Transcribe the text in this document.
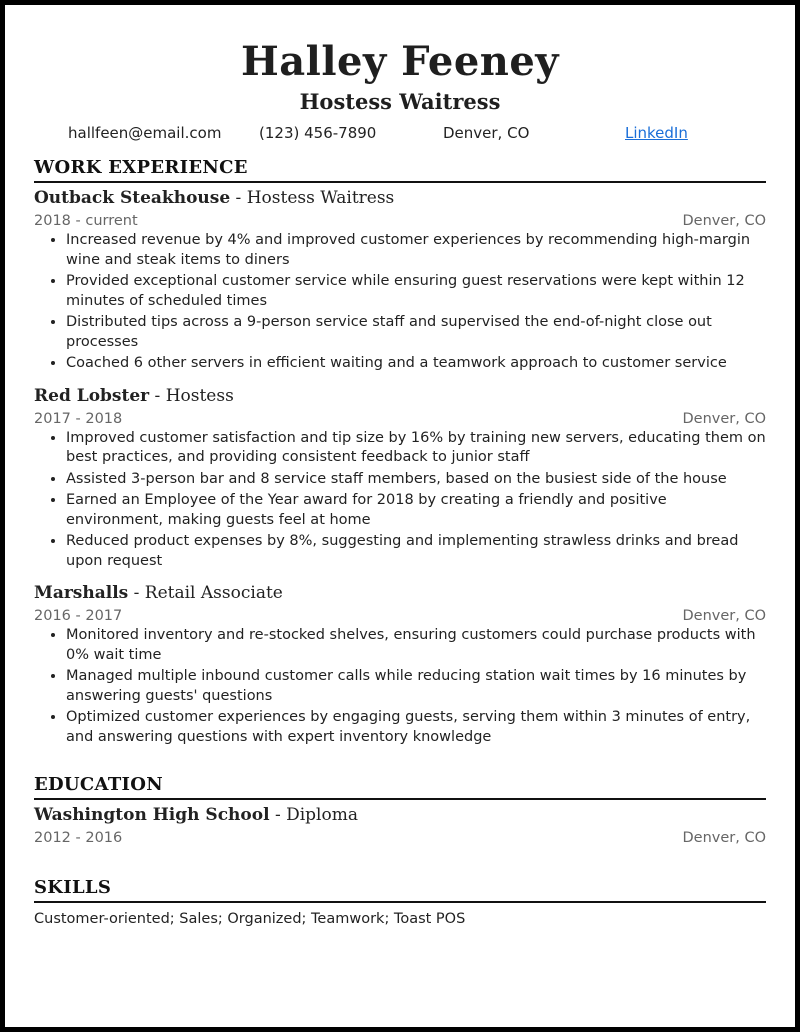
Halley Feeney
Hostess Waitress
hallfeen@email.com	(123) 456-7890	Denver, CO	LinkedIn
WORK EXPERIENCE
Outback Steakhouse - Hostess Waitress
2018 - current	Denver, CO
• Increased revenue by 4% and improved customer experiences by recommending high-margin wine and steak items to diners
• Provided exceptional customer service while ensuring guest reservations were kept within 12 minutes of scheduled times
• Distributed tips across a 9-person service staff and supervised the end-of-night close out processes
• Coached 6 other servers in efficient waiting and a teamwork approach to customer service
Red Lobster - Hostess
2017 - 2018	Denver, CO
• Improved customer satisfaction and tip size by 16% by training new servers, educating them on best practices, and providing consistent feedback to junior staff
• Assisted 3-person bar and 8 service staff members, based on the busiest side of the house
• Earned an Employee of the Year award for 2018 by creating a friendly and positive environment, making guests feel at home
• Reduced product expenses by 8%, suggesting and implementing strawless drinks and bread upon request
Marshalls - Retail Associate
2016 - 2017	Denver, CO
• Monitored inventory and re-stocked shelves, ensuring customers could purchase products with 0% wait time
• Managed multiple inbound customer calls while reducing station wait times by 16 minutes by answering guests' questions
• Optimized customer experiences by engaging guests, serving them within 3 minutes of entry, and answering questions with expert inventory knowledge
EDUCATION
Washington High School - Diploma
2012 - 2016	Denver, CO
SKILLS
Customer-oriented; Sales; Organized; Teamwork; Toast POS
